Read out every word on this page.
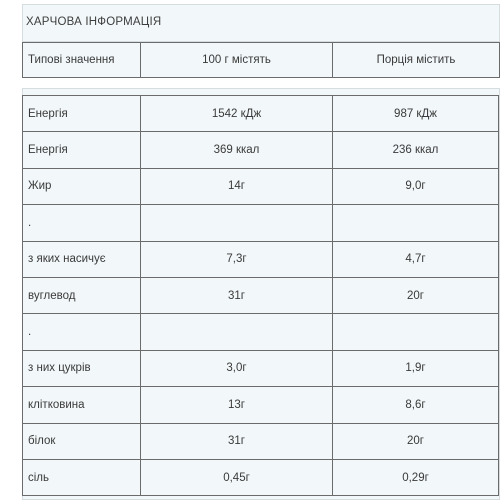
ХАРЧОВА ІНФОРМАЦІЯ
Типові значення	100 г містять	Порція містить
Енергія	1542 кДж	987 кДж
Енергія	369 ккал	236 ккал
Жир	14г	9,0г
.		
з яких насичує	7,3г	4,7г
вуглевод	31г	20г
.		
з них цукрів	3,0г	1,9г
клітковина	13г	8,6г
білок	31г	20г
сіль	0,45г	0,29г
